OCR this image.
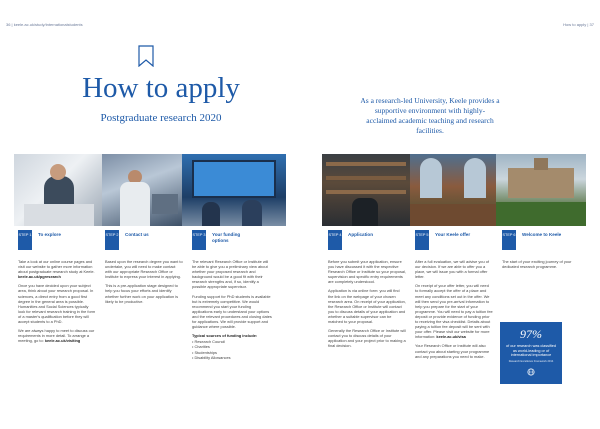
36 | keele.ac.uk/study/internationalstudents	How to apply | 37
How to apply
Postgraduate research 2020
As a research-led University, Keele provides a supportive environment with highly-acclaimed academic teaching and research facilities.
STEP 1 To explore	STEP 2 Contact us	STEP 3 Your funding options
STEP 4 Application	STEP 5 Your Keele offer	STEP 6 Welcome to Keele

Take a look at our online course pages and visit our website to gather more information about postgraduate research study at Keele. keele.ac.uk/pgresearch

Once you have decided upon your subject area, think about your research proposal. In sciences, a direct entry from a good first degree in the general area is possible. Humanities and Social Sciences typically look for relevant research training in the form of a master's qualification before they will accept students to a PhD.

We are always happy to meet to discuss our requirements in more detail. To arrange a meeting, go to: keele.ac.uk/visiting

Based upon the research degree you want to undertake, you will need to make contact with our appropriate Research Office or Institute to express your interest in applying.

This is a pre-application stage designed to help you focus your efforts and identify whether further work on your application is likely to be productive.

The relevant Research Office or Institute will be able to give you a preliminary view about whether your proposed research and background would be a good fit with their research strengths and, if so, identify a possible appropriate supervisor.

Funding support for PhD students is available but is extremely competitive. We would recommend you start your funding applications early to understand your options and the relevant procedures and closing dates for applications. We will provide support and guidance where possible.

Typical sources of funding include:

• Research Council
• Charities
• Studentships
• Disability Allowances

Before you submit your application, ensure you have discussed it with the respective Research Office or Institute so your proposal, supervision and specific entry requirements are completely understood.

Application is via online form: you will find the link on the webpage of your chosen research area. On receipt of your application, the Research Office or Institute will contact you to discuss details of your application and whether a suitable supervisor can be matched to your proposal.

Generally the Research Office or Institute will contact you to discuss details of your application and your project prior to making a final decision.

After a full evaluation, we will advise you of our decision. If we are able to offer you a place, we will issue you with a formal offer letter.

On receipt of your offer letter, you will need to formally accept the offer of a place and meet any conditions set out in the offer. We will then send you pre-arrival information to help you prepare for the start of your programme. You will need to pay a tuition fee deposit or provide evidence of funding prior to receiving the visa checklist. Details about paying a tuition fee deposit will be sent with your offer. Please visit our website for more information: keele.ac.uk/visa

Your Research Office or Institute will also contact you about starting your programme and any preparations you need to make.

The start of your exciting journey of your dedicated research programme.

97%
of our research was classified as world-leading or of international importance
Research Excellence Framework 2014
